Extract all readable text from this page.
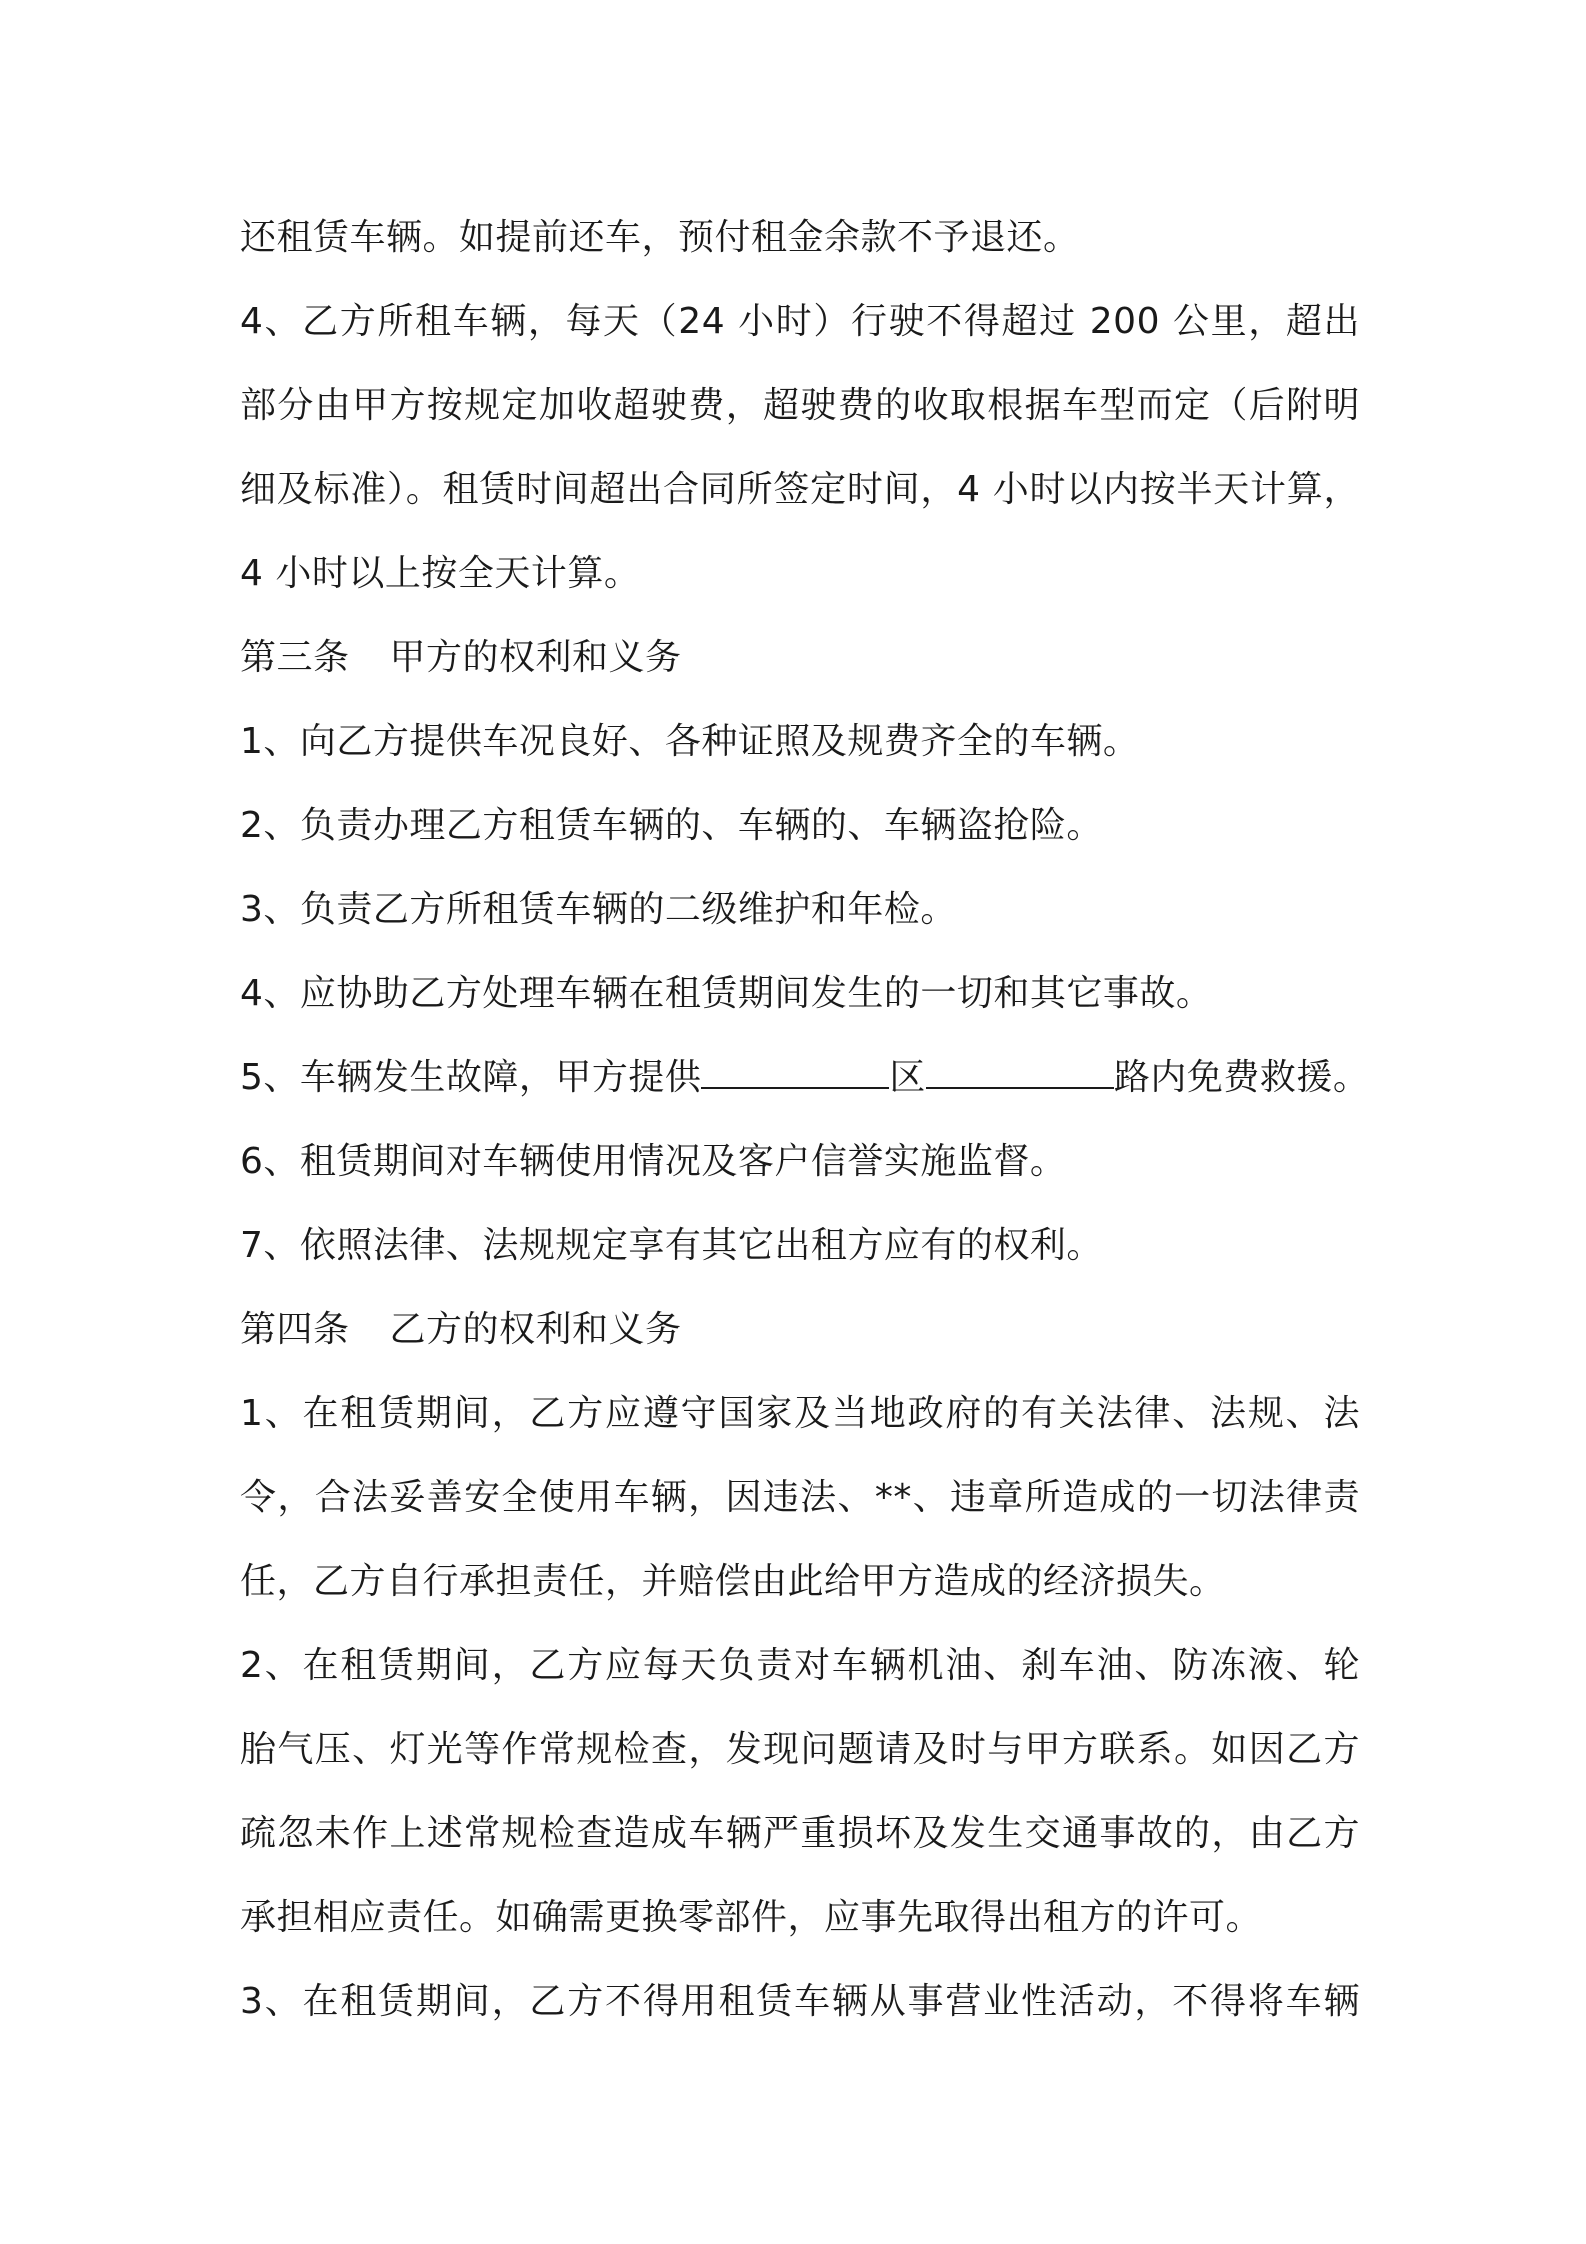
还租赁车辆。如提前还车，预付租金余款不予退还。
4、乙方所租车辆，每天（24 小时）行驶不得超过 200 公里，超出
部分由甲方按规定加收超驶费，超驶费的收取根据车型而定（后附明
细及标准）。租赁时间超出合同所签定时间，4 小时以内按半天计算，
4 小时以上按全天计算。
第三条 甲方的权利和义务
1、向乙方提供车况良好、各种证照及规费齐全的车辆。
2、负责办理乙方租赁车辆的、车辆的、车辆盗抢险。
3、负责乙方所租赁车辆的二级维护和年检。
4、应协助乙方处理车辆在租赁期间发生的一切和其它事故。
5、车辆发生故障，甲方提供	区	路内免费救援。
6、租赁期间对车辆使用情况及客户信誉实施监督。
7、依照法律、法规规定享有其它出租方应有的权利。
第四条 乙方的权利和义务
1、在租赁期间，乙方应遵守国家及当地政府的有关法律、法规、法
令，合法妥善安全使用车辆，因违法、**、违章所造成的一切法律责
任，乙方自行承担责任，并赔偿由此给甲方造成的经济损失。
2、在租赁期间，乙方应每天负责对车辆机油、刹车油、防冻液、轮
胎气压、灯光等作常规检查，发现问题请及时与甲方联系。如因乙方
疏忽未作上述常规检查造成车辆严重损坏及发生交通事故的，由乙方
承担相应责任。如确需更换零部件，应事先取得出租方的许可。
3、在租赁期间，乙方不得用租赁车辆从事营业性活动，不得将车辆
